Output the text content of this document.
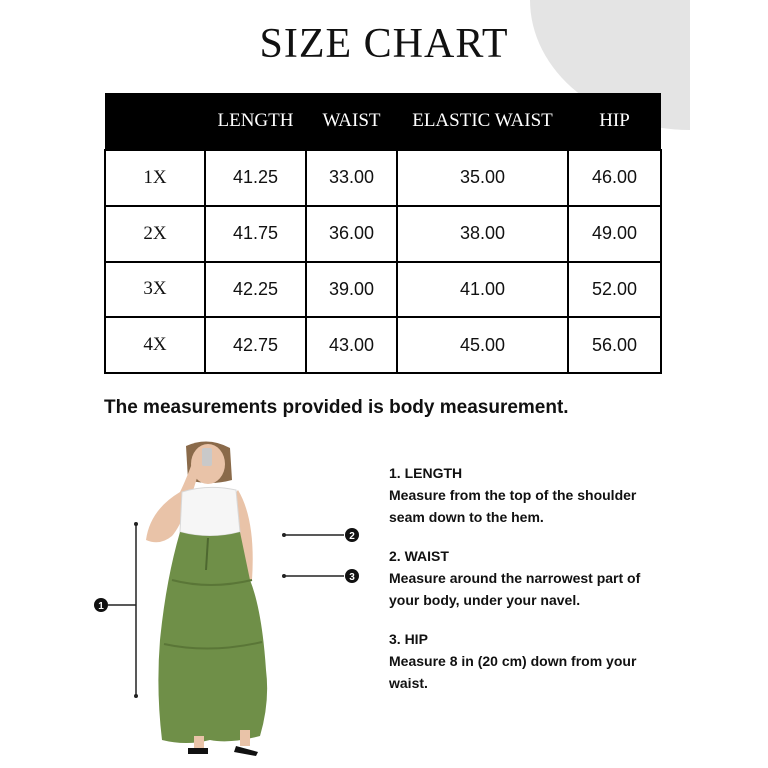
SIZE CHART
	LENGTH	WAIST	ELASTIC WAIST	HIP
1X	41.25	33.00	35.00	46.00
2X	41.75	36.00	38.00	49.00
3X	42.25	39.00	41.00	52.00
4X	42.75	43.00	45.00	56.00
The measurements provided is body measurement.
1
2
3
1. LENGTH
Measure from the top of the shoulder
seam down to the hem.
2. WAIST
Measure around the narrowest part of
your body, under your navel.
3. HIP
Measure 8 in (20 cm) down from your
waist.
